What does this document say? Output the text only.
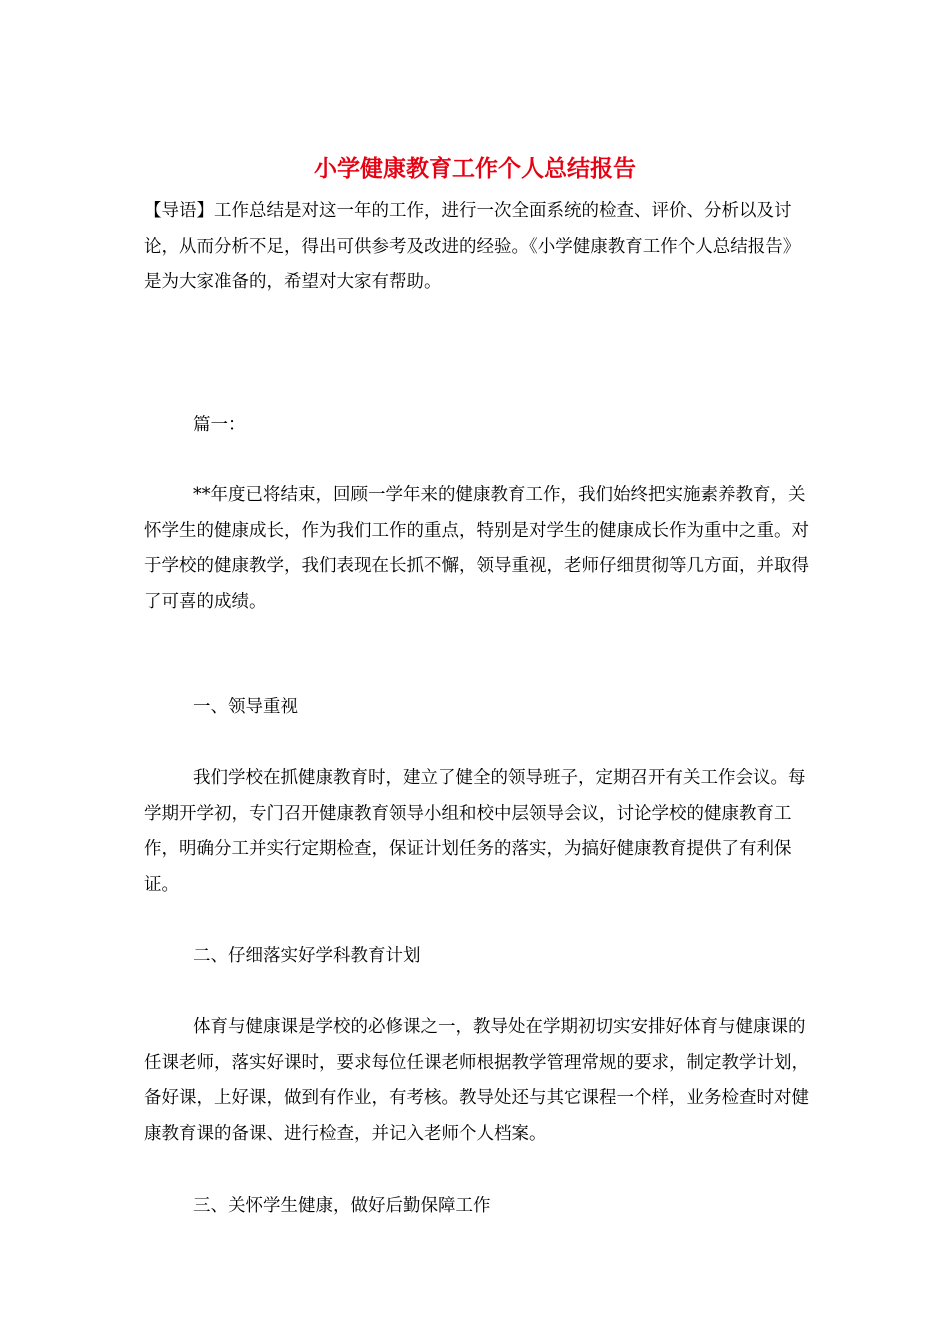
小学健康教育工作个人总结报告

【导语】工作总结是对这一年的工作，进行一次全面系统的检查、评价、分析以及讨论，从而分析不足，得出可供参考及改进的经验。《小学健康教育工作个人总结报告》是为大家准备的，希望对大家有帮助。

篇一：

**年度已将结束，回顾一学年来的健康教育工作，我们始终把实施素养教育，关怀学生的健康成长，作为我们工作的重点，特别是对学生的健康成长作为重中之重。对于学校的健康教学，我们表现在长抓不懈，领导重视，老师仔细贯彻等几方面，并取得了可喜的成绩。

一、领导重视

我们学校在抓健康教育时，建立了健全的领导班子，定期召开有关工作会议。每学期开学初，专门召开健康教育领导小组和校中层领导会议，讨论学校的健康教育工作，明确分工并实行定期检查，保证计划任务的落实，为搞好健康教育提供了有利保证。

二、仔细落实好学科教育计划

体育与健康课是学校的必修课之一，教导处在学期初切实安排好体育与健康课的任课老师，落实好课时，要求每位任课老师根据教学管理常规的要求，制定教学计划，备好课，上好课，做到有作业，有考核。教导处还与其它课程一个样，业务检查时对健康教育课的备课、进行检查，并记入老师个人档案。

三、关怀学生健康，做好后勤保障工作
